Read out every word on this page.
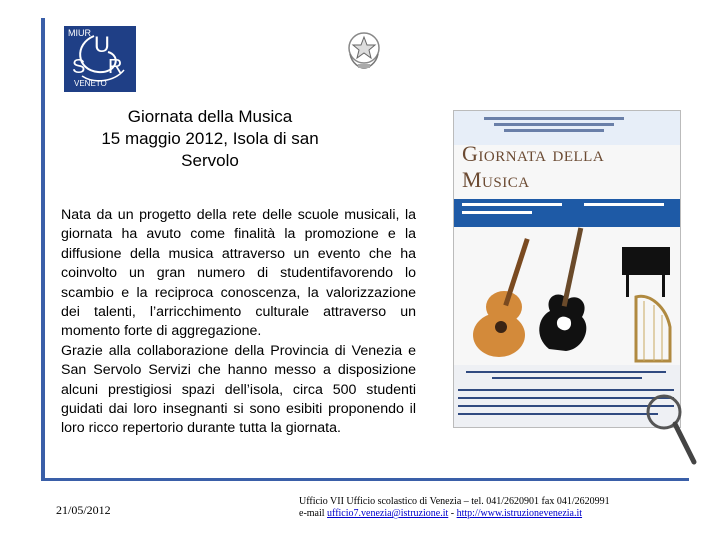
MIUR U
S R
VENETO
Giornata della Musica
15 maggio 2012, Isola di san
Servolo

Nata da un progetto della rete delle scuole musicali, la giornata ha avuto come finalità la promozione e la diffusione della musica attraverso un evento che ha coinvolto un gran numero di studentifavorendo lo scambio e la reciproca conoscenza, la valorizzazione dei talenti, l’arricchimento culturale attraverso un momento forte di aggregazione.

Grazie alla collaborazione della Provincia di Venezia e San Servolo Servizi che hanno messo a disposizione alcuni prestigiosi spazi dell’isola, circa 500 studenti guidati dai loro insegnanti si sono esibiti proponendo il loro ricco repertorio durante tutta la giornata.

Giornata della
Musica
21/05/2012
Ufficio VII Ufficio scolastico di Venezia – tel. 041/2620901 fax 041/2620991
e-mail ufficio7.venezia@istruzione.it - http://www.istruzionevenezia.it
